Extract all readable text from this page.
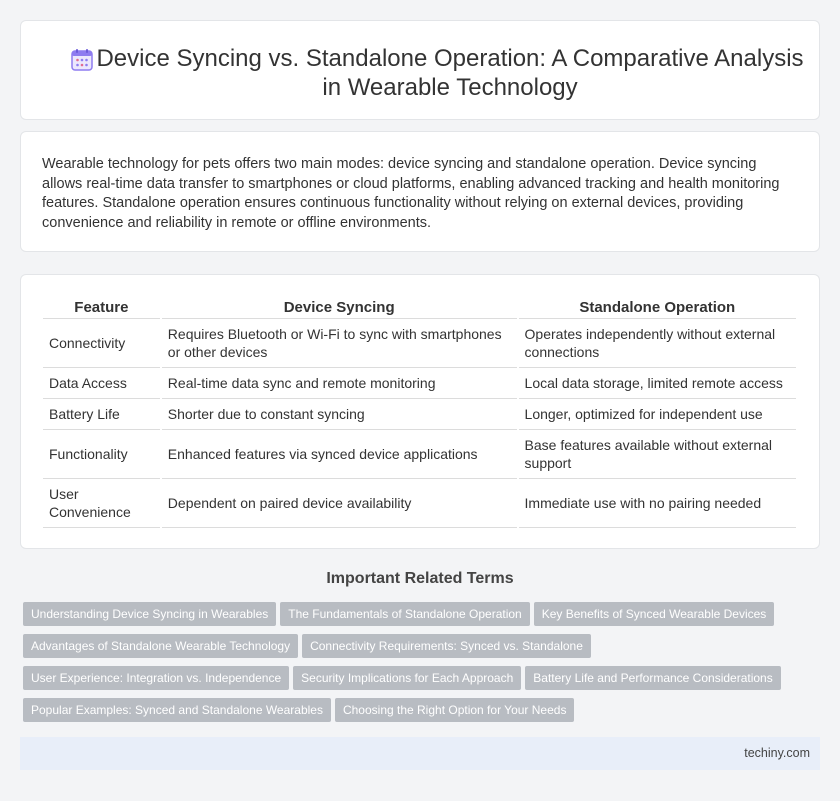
Device Syncing vs. Standalone Operation: A Comparative Analysis in Wearable Technology

Wearable technology for pets offers two main modes: device syncing and standalone operation. Device syncing allows real-time data transfer to smartphones or cloud platforms, enabling advanced tracking and health monitoring features. Standalone operation ensures continuous functionality without relying on external devices, providing convenience and reliability in remote or offline environments.

Feature	Device Syncing	Standalone Operation
Connectivity	Requires Bluetooth or Wi-Fi to sync with smartphones or other devices	Operates independently without external connections
Data Access	Real-time data sync and remote monitoring	Local data storage, limited remote access
Battery Life	Shorter due to constant syncing	Longer, optimized for independent use
Functionality	Enhanced features via synced device applications	Base features available without external support
User Convenience	Dependent on paired device availability	Immediate use with no pairing needed
Important Related Terms
Understanding Device Syncing in Wearables The Fundamentals of Standalone Operation Key Benefits of Synced Wearable Devices
Advantages of Standalone Wearable Technology Connectivity Requirements: Synced vs. Standalone
User Experience: Integration vs. Independence Security Implications for Each Approach Battery Life and Performance Considerations
Popular Examples: Synced and Standalone Wearables Choosing the Right Option for Your Needs
techiny.com
